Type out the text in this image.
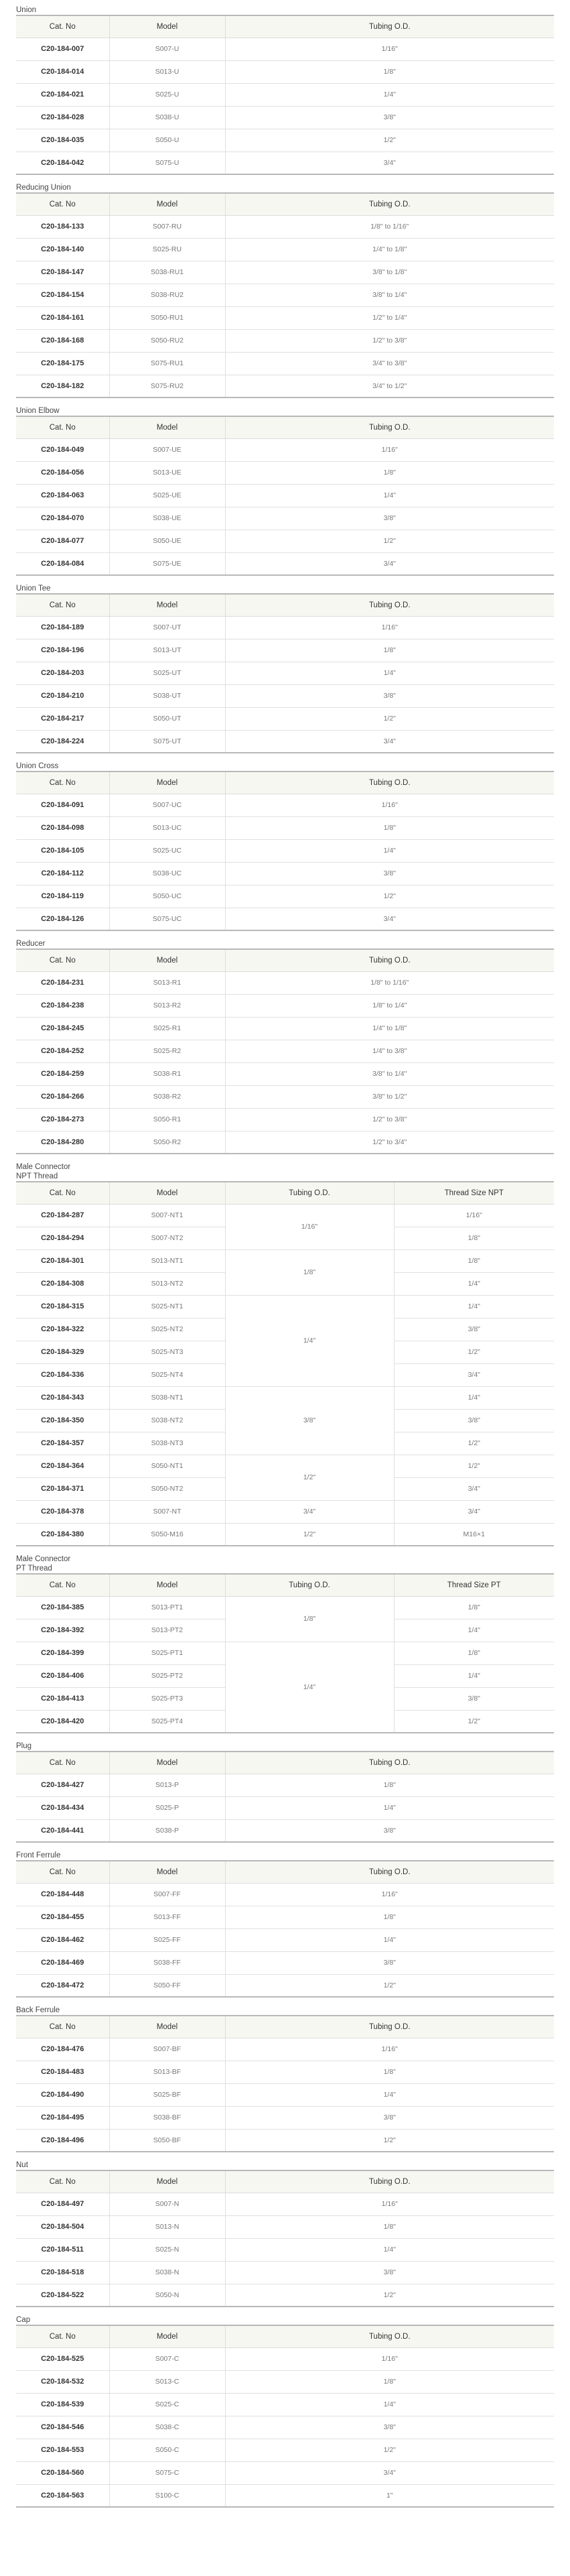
Union
Cat. No	Model	Tubing O.D.
C20-184-007	S007-U	1/16"
C20-184-014	S013-U	1/8"
C20-184-021	S025-U	1/4"
C20-184-028	S038-U	3/8"
C20-184-035	S050-U	1/2"
C20-184-042	S075-U	3/4"
Reducing Union
Cat. No	Model	Tubing O.D.
C20-184-133	S007-RU	1/8" to 1/16"
C20-184-140	S025-RU	1/4" to 1/8"
C20-184-147	S038-RU1	3/8" to 1/8"
C20-184-154	S038-RU2	3/8" to 1/4"
C20-184-161	S050-RU1	1/2" to 1/4"
C20-184-168	S050-RU2	1/2" to 3/8"
C20-184-175	S075-RU1	3/4" to 3/8"
C20-184-182	S075-RU2	3/4" to 1/2"
Union Elbow
Cat. No	Model	Tubing O.D.
C20-184-049	S007-UE	1/16"
C20-184-056	S013-UE	1/8"
C20-184-063	S025-UE	1/4"
C20-184-070	S038-UE	3/8"
C20-184-077	S050-UE	1/2"
C20-184-084	S075-UE	3/4"
Union Tee
Cat. No	Model	Tubing O.D.
C20-184-189	S007-UT	1/16"
C20-184-196	S013-UT	1/8"
C20-184-203	S025-UT	1/4"
C20-184-210	S038-UT	3/8"
C20-184-217	S050-UT	1/2"
C20-184-224	S075-UT	3/4"
Union Cross
Cat. No	Model	Tubing O.D.
C20-184-091	S007-UC	1/16"
C20-184-098	S013-UC	1/8"
C20-184-105	S025-UC	1/4"
C20-184-112	S038-UC	3/8"
C20-184-119	S050-UC	1/2"
C20-184-126	S075-UC	3/4"
Reducer
Cat. No	Model	Tubing O.D.
C20-184-231	S013-R1	1/8" to 1/16"
C20-184-238	S013-R2	1/8" to 1/4"
C20-184-245	S025-R1	1/4" to 1/8"
C20-184-252	S025-R2	1/4" to 3/8"
C20-184-259	S038-R1	3/8" to 1/4"
C20-184-266	S038-R2	3/8" to 1/2"
C20-184-273	S050-R1	1/2" to 3/8"
C20-184-280	S050-R2	1/2" to 3/4"
Male Connector
NPT Thread
Cat. No	Model	Tubing O.D.	Thread Size NPT
C20-184-287	S007-NT1	1/16"	1/16"
C20-184-294	S007-NT2		1/8"
C20-184-301	S013-NT1	1/8"	1/8"
C20-184-308	S013-NT2		1/4"
C20-184-315	S025-NT1	1/4"	1/4"
C20-184-322	S025-NT2		3/8"
C20-184-329	S025-NT3		1/2"
C20-184-336	S025-NT4		3/4"
C20-184-343	S038-NT1	3/8"	1/4"
C20-184-350	S038-NT2		3/8"
C20-184-357	S038-NT3		1/2"
C20-184-364	S050-NT1	1/2"	1/2"
C20-184-371	S050-NT2		3/4"
C20-184-378	S007-NT	3/4"	3/4"
C20-184-380	S050-M16	1/2"	M16×1
Male Connector
PT Thread
Cat. No	Model	Tubing O.D.	Thread Size PT
C20-184-385	S013-PT1	1/8"	1/8"
C20-184-392	S013-PT2		1/4"
C20-184-399	S025-PT1	1/4"	1/8"
C20-184-406	S025-PT2		1/4"
C20-184-413	S025-PT3		3/8"
C20-184-420	S025-PT4		1/2"
Plug
Cat. No	Model	Tubing O.D.
C20-184-427	S013-P	1/8"
C20-184-434	S025-P	1/4"
C20-184-441	S038-P	3/8"
Front Ferrule
Cat. No	Model	Tubing O.D.
C20-184-448	S007-FF	1/16"
C20-184-455	S013-FF	1/8"
C20-184-462	S025-FF	1/4"
C20-184-469	S038-FF	3/8"
C20-184-472	S050-FF	1/2"
Back Ferrule
Cat. No	Model	Tubing O.D.
C20-184-476	S007-BF	1/16"
C20-184-483	S013-BF	1/8"
C20-184-490	S025-BF	1/4"
C20-184-495	S038-BF	3/8"
C20-184-496	S050-BF	1/2"
Nut
Cat. No	Model	Tubing O.D.
C20-184-497	S007-N	1/16"
C20-184-504	S013-N	1/8"
C20-184-511	S025-N	1/4"
C20-184-518	S038-N	3/8"
C20-184-522	S050-N	1/2"
Cap
Cat. No	Model	Tubing O.D.
C20-184-525	S007-C	1/16"
C20-184-532	S013-C	1/8"
C20-184-539	S025-C	1/4"
C20-184-546	S038-C	3/8"
C20-184-553	S050-C	1/2"
C20-184-560	S075-C	3/4"
C20-184-563	S100-C	1"
